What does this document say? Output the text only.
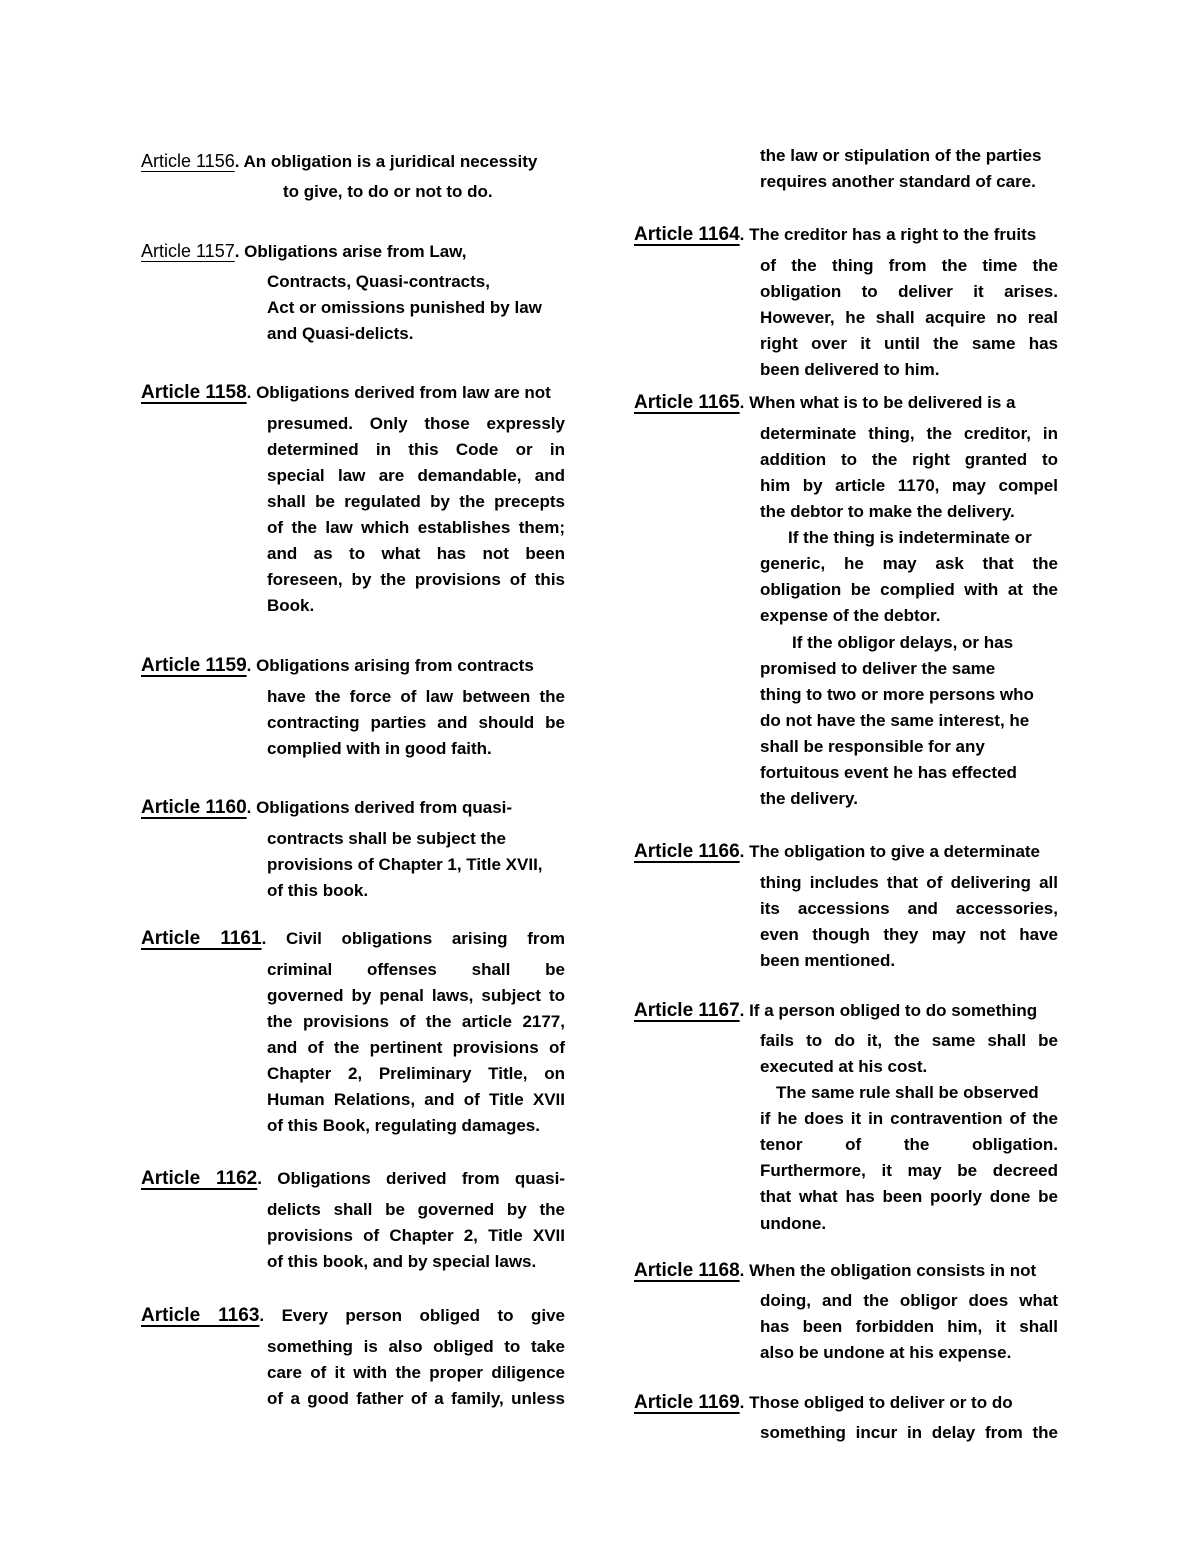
Article 1156. An obligation is a juridical necessity
to give, to do or not to do.
Article 1157. Obligations arise from Law,
Contracts, Quasi-contracts,
Act or omissions punished by law
and Quasi-delicts.
Article 1158. Obligations derived from law are not
presumed. Only those expressly
determined in this Code or in
special law are demandable, and
shall be regulated by the precepts
of the law which establishes them;
and as to what has not been
foreseen, by the provisions of this
Book.
Article 1159. Obligations arising from contracts
have the force of law between the
contracting parties and should be
complied with in good faith.
Article 1160. Obligations derived from quasi-
contracts shall be subject the
provisions of Chapter 1, Title XVII,
of this book.
Article 1161. Civil obligations arising from
criminal offenses shall be
governed by penal laws, subject to
the provisions of the article 2177,
and of the pertinent provisions of
Chapter 2, Preliminary Title, on
Human Relations, and of Title XVII
of this Book, regulating damages.
Article 1162. Obligations derived from quasi-
delicts shall be governed by the
provisions of Chapter 2, Title XVII
of this book, and by special laws.
Article 1163. Every person obliged to give
something is also obliged to take
care of it with the proper diligence
of a good father of a family, unless
the law or stipulation of the parties
requires another standard of care.
Article 1164. The creditor has a right to the fruits
of the thing from the time the
obligation to deliver it arises.
However, he shall acquire no real
right over it until the same has
been delivered to him.
Article 1165. When what is to be delivered is a
determinate thing, the creditor, in
addition to the right granted to
him by article 1170, may compel
the debtor to make the delivery.
If the thing is indeterminate or
generic, he may ask that the
obligation be complied with at the
expense of the debtor.
If the obligor delays, or has
promised to deliver the same
thing to two or more persons who
do not have the same interest, he
shall be responsible for any
fortuitous event he has effected
the delivery.
Article 1166. The obligation to give a determinate
thing includes that of delivering all
its accessions and accessories,
even though they may not have
been mentioned.
Article 1167. If a person obliged to do something
fails to do it, the same shall be
executed at his cost.
The same rule shall be observed
if he does it in contravention of the
tenor of the obligation.
Furthermore, it may be decreed
that what has been poorly done be
undone.
Article 1168. When the obligation consists in not
doing, and the obligor does what
has been forbidden him, it shall
also be undone at his expense.
Article 1169. Those obliged to deliver or to do
something incur in delay from the
